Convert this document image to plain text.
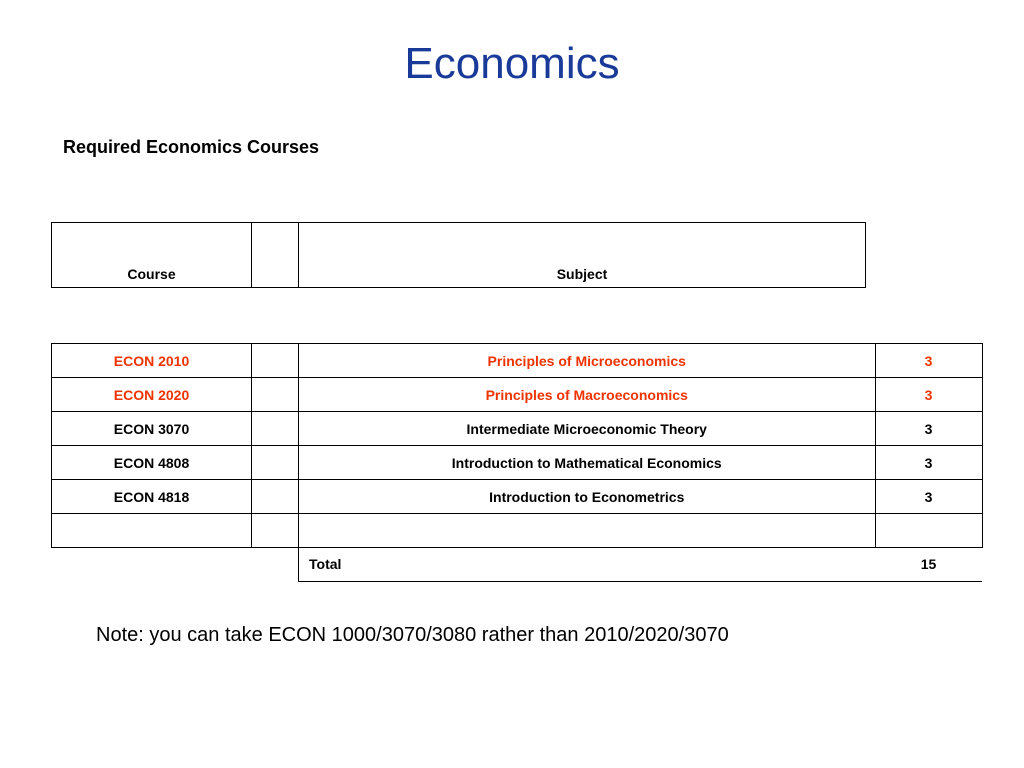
Economics
Required Economics Courses
Course		Subject
ECON 2010		Principles of Microeconomics	3
ECON 2020		Principles of Macroeconomics	3
ECON 3070		Intermediate Microeconomic Theory	3
ECON 4808		Introduction to Mathematical Economics	3
ECON 4818		Introduction to Econometrics	3

		Total	15
Note: you can take ECON 1000/3070/3080 rather than 2010/2020/3070
